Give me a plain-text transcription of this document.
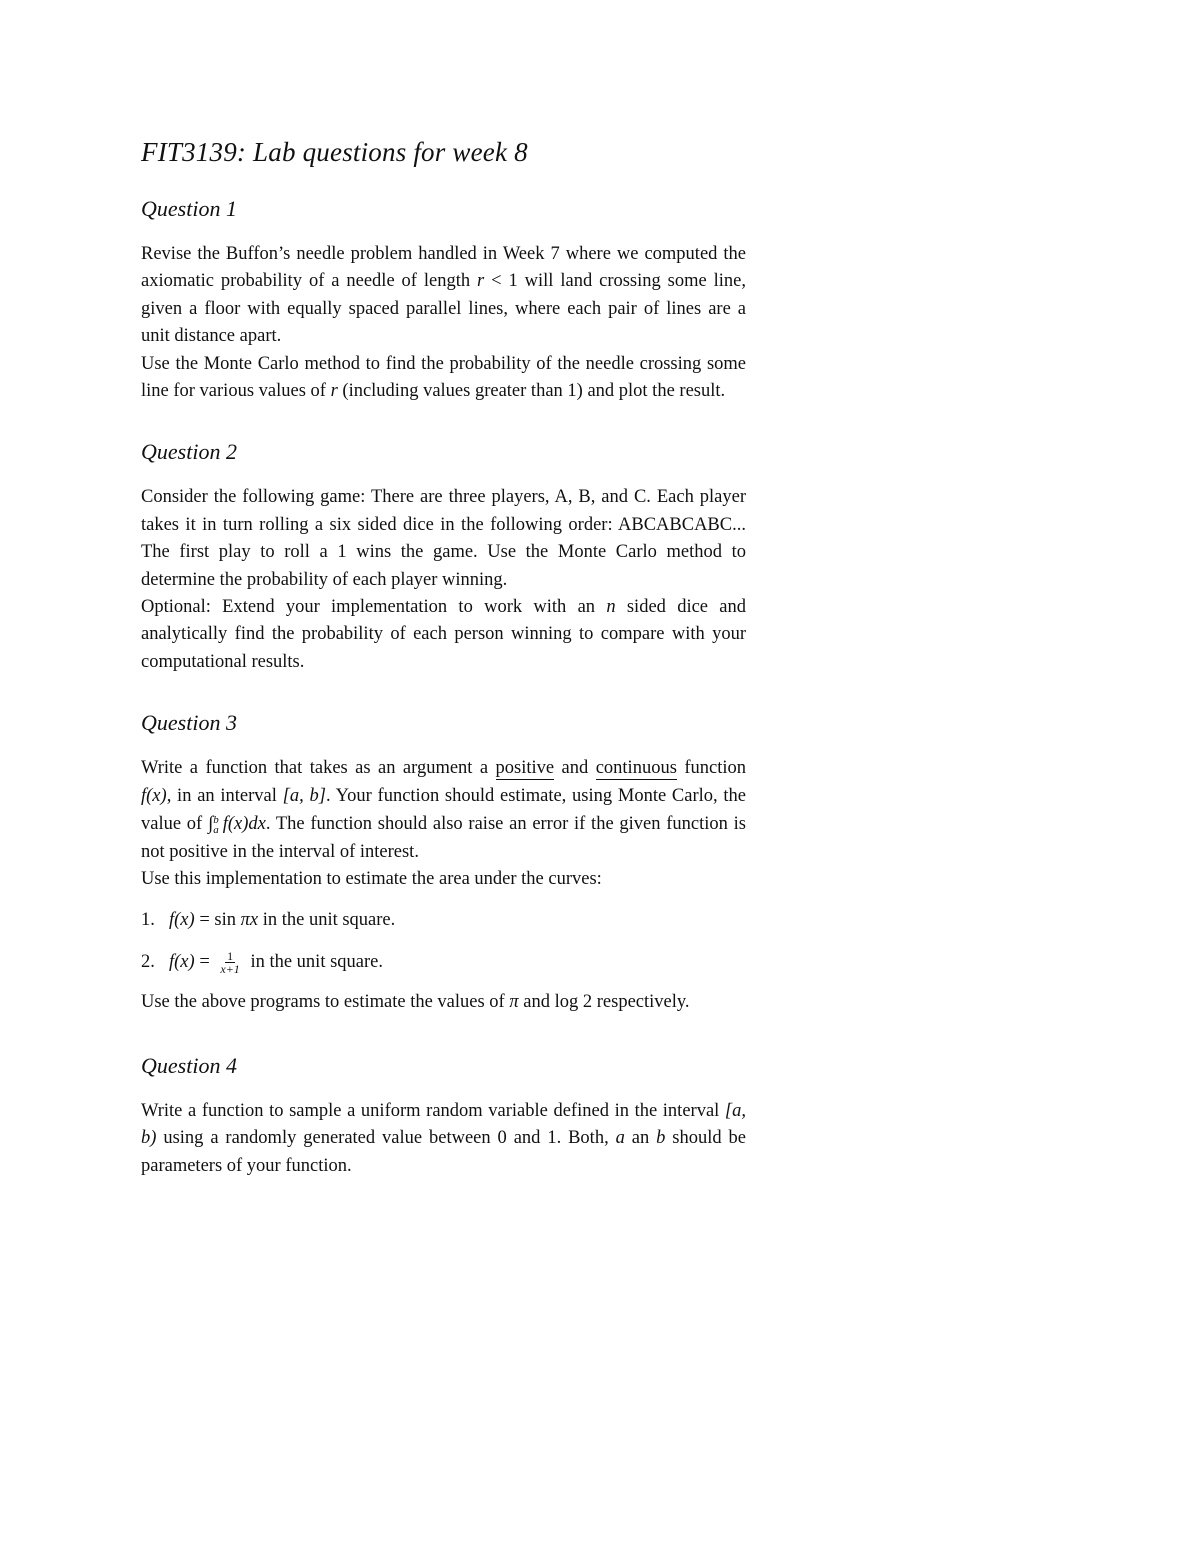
FIT3139: Lab questions for week 8
Question 1

Revise the Buffon’s needle problem handled in Week 7 where we computed the axiomatic probability of a needle of length r < 1 will land crossing some line, given a floor with equally spaced parallel lines, where each pair of lines are a unit distance apart.

Use the Monte Carlo method to find the probability of the needle crossing some line for various values of r (including values greater than 1) and plot the result.

Question 2

Consider the following game: There are three players, A, B, and C. Each player takes it in turn rolling a six sided dice in the following order: ABCABCABC... The first play to roll a 1 wins the game. Use the Monte Carlo method to determine the probability of each player winning.

Optional: Extend your implementation to work with an n sided dice and analytically find the probability of each person winning to compare with your computational results.

Question 3

Write a function that takes as an argument a positive and continuous function f(x), in an interval [a, b]. Your function should estimate, using Monte Carlo, the value of ∫ b
a f(x)dx. The function should also raise an error if the given function is not positive in the interval of interest.

Use this implementation to estimate the area under the curves:

1. f(x) = sin πx in the unit square.
2. $f(x) = \frac{1}{x+1}$ in the unit square.

Use the above programs to estimate the values of π and log 2 respectively.

Question 4

Write a function to sample a uniform random variable defined in the interval [a, b) using a randomly generated value between 0 and 1. Both, a an b should be parameters of your function.
